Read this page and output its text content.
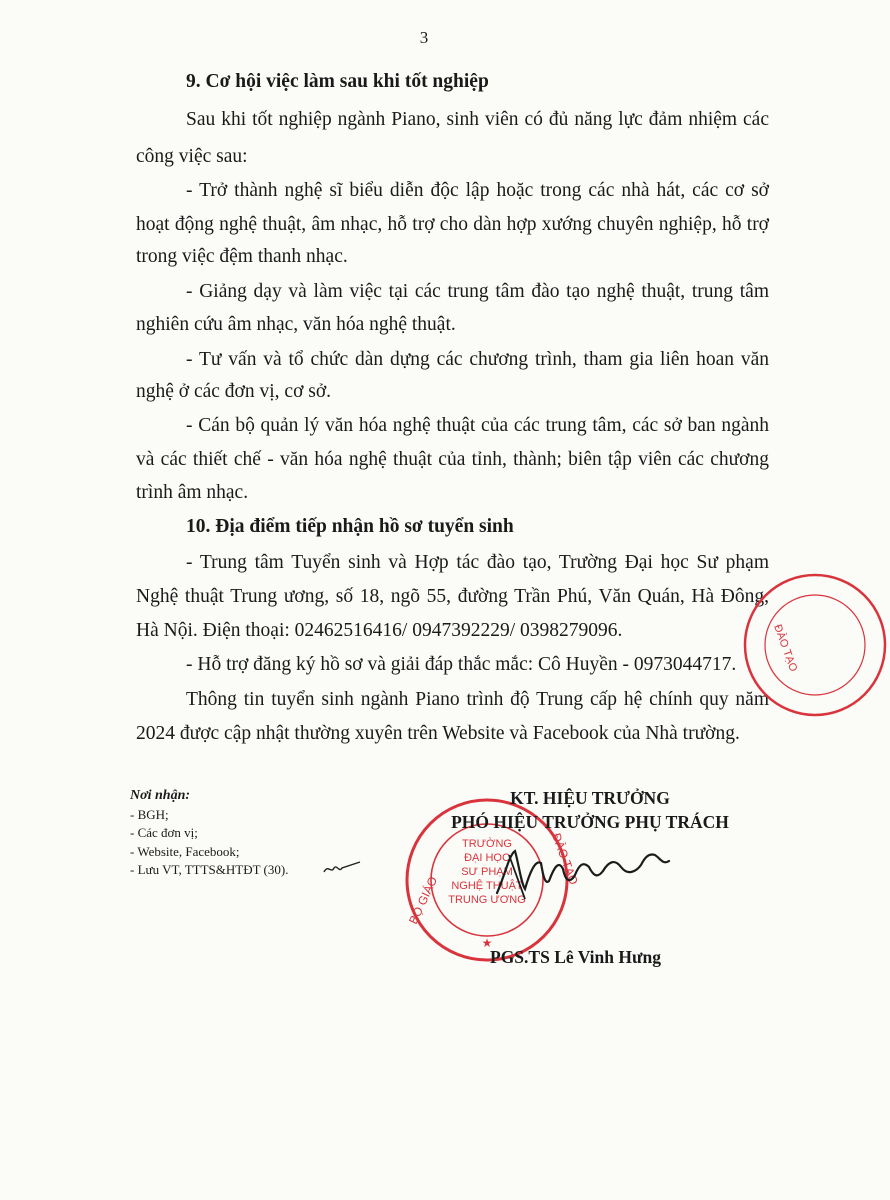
3
9. Cơ hội việc làm sau khi tốt nghiệp
Sau khi tốt nghiệp ngành Piano, sinh viên có đủ năng lực đảm nhiệm các
công việc sau:
- Trở thành nghệ sĩ biểu diễn độc lập hoặc trong các nhà hát, các cơ sở
hoạt động nghệ thuật, âm nhạc, hỗ trợ cho dàn hợp xướng chuyên nghiệp, hỗ trợ
trong việc đệm thanh nhạc.
- Giảng dạy và làm việc tại các trung tâm đào tạo nghệ thuật, trung tâm
nghiên cứu âm nhạc, văn hóa nghệ thuật.
- Tư vấn và tổ chức dàn dựng các chương trình, tham gia liên hoan văn
nghệ ở các đơn vị, cơ sở.
- Cán bộ quản lý văn hóa nghệ thuật của các trung tâm, các sở ban ngành
và các thiết chế - văn hóa nghệ thuật của tỉnh, thành; biên tập viên các chương
trình âm nhạc.
10. Địa điểm tiếp nhận hồ sơ tuyển sinh
- Trung tâm Tuyển sinh và Hợp tác đào tạo, Trường Đại học Sư phạm
Nghệ thuật Trung ương, số 18, ngõ 55, đường Trần Phú, Văn Quán, Hà Đông,
Hà Nội. Điện thoại: 02462516416/ 0947392229/ 0398279096.
- Hỗ trợ đăng ký hồ sơ và giải đáp thắc mắc: Cô Huyền - 0973044717.
Thông tin tuyển sinh ngành Piano trình độ Trung cấp hệ chính quy năm
2024 được cập nhật thường xuyên trên Website và Facebook của Nhà trường.
Nơi nhận:
- BGH;
- Các đơn vị;
- Website, Facebook;
- Lưu VT, TTTS&HTĐT (30).
BỘ GIÁO
ĐÀO TẠO
TRƯỜNG
ĐẠI HỌC
SƯ PHẠM
NGHỆ THUẬT
TRUNG ƯƠNG
★
ĐÀO TẠO
KT. HIỆU TRƯỞNG
PHÓ HIỆU TRƯỞNG PHỤ TRÁCH
PGS.TS Lê Vinh Hưng
